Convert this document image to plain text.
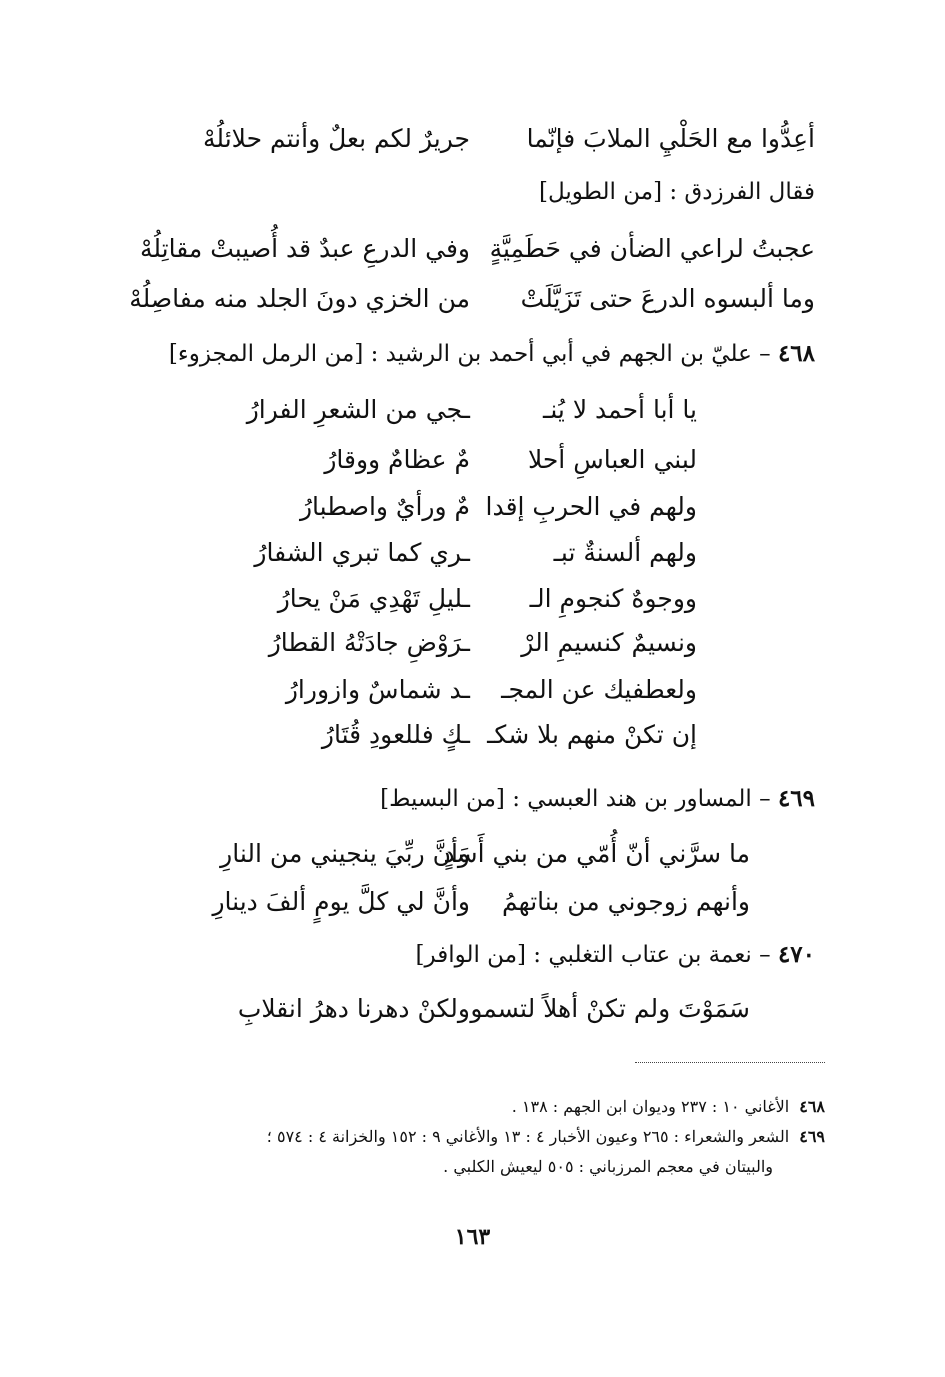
أعِدُّوا مع الحَلْيِ الملابَ فإنّما
جريرٌ لكم بعلٌ وأنتم حلائلُهْ
فقال الفرزدق : [من الطويل]
عجبتُ لراعي الضأن في حَطَمِيَّةٍ
وفي الدرعِ عبدٌ قد أُصيبتْ مقاتِلُهْ
وما ألبسوه الدرعَ حتى تَزَيَّلَتْ
من الخزي دونَ الجلد منه مفاصِلُهْ
٤٦٨ – عليّ بن الجهم في أبي أحمد بن الرشيد : [من الرمل المجزوء]
يا أبا أحمد لا يُنـ
ـجي من الشعرِ الفرارُ
لبني العباسِ أحلا
مٌ عظامٌ ووقارُ
ولهم في الحربِ إقدا
مٌ ورأيٌ واصطبارُ
ولهم ألسنةٌ تبـ
ـري كما تبري الشفارُ
ووجوهٌ كنجومِ الـ
ـليلِ تَهْدِي مَنْ يحارُ
ونسيمٌ كنسيمِ الرْ
ـرَوْضِ جادَتْهُ القطارُ
ولعطفيك عن المجـ
ـد شماسٌ وازورارُ
إن تكنْ منهم بلا شكـ
ـكٍ فللعودِ قُتَارُ
٤٦٩ – المساور بن هند العبسي : [من البسيط]
ما سرَّني أنّ أُمّي من بني أَسَدٍ
وأنَّ ربِّيَ ينجيني من النارِ
وأنهم زوجوني من بناتهمُ
وأنَّ لي كلَّ يومٍ ألفَ دينارِ
٤٧٠ – نعمة بن عتاب التغلبي : [من الوافر]
سَمَوْتَ ولم تكنْ أهلاً لتسمو
ولكنْ دهرنا دهرُ انقلابِ
٤٦٨الأغاني ١٠ : ٢٣٧ وديوان ابن الجهم : ١٣٨ .
٤٦٩الشعر والشعراء : ٢٦٥ وعيون الأخبار ٤ : ١٣ والأغاني ٩ : ١٥٢ والخزانة ٤ : ٥٧٤ ؛
والبيتان في معجم المرزباني : ٥٠٥ ليعيش الكلبي .
١٦٣
